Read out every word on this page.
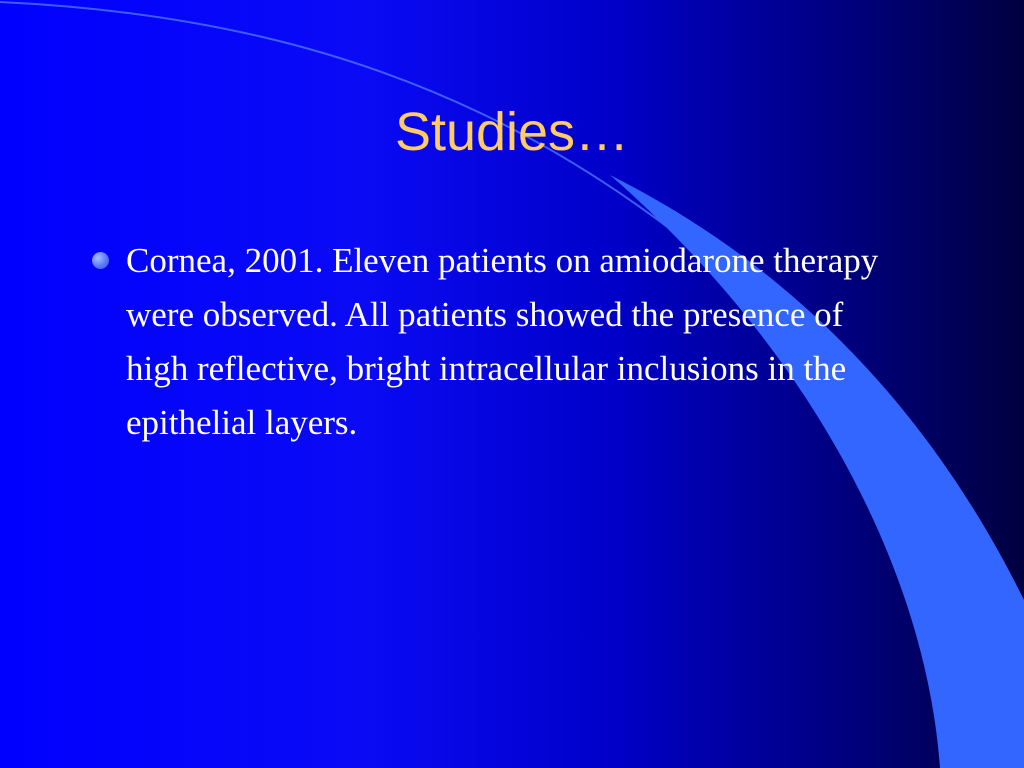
Studies…
Cornea, 2001. Eleven patients on amiodarone therapy were observed. All patients showed the presence of high reflective, bright intracellular inclusions in the epithelial layers.
